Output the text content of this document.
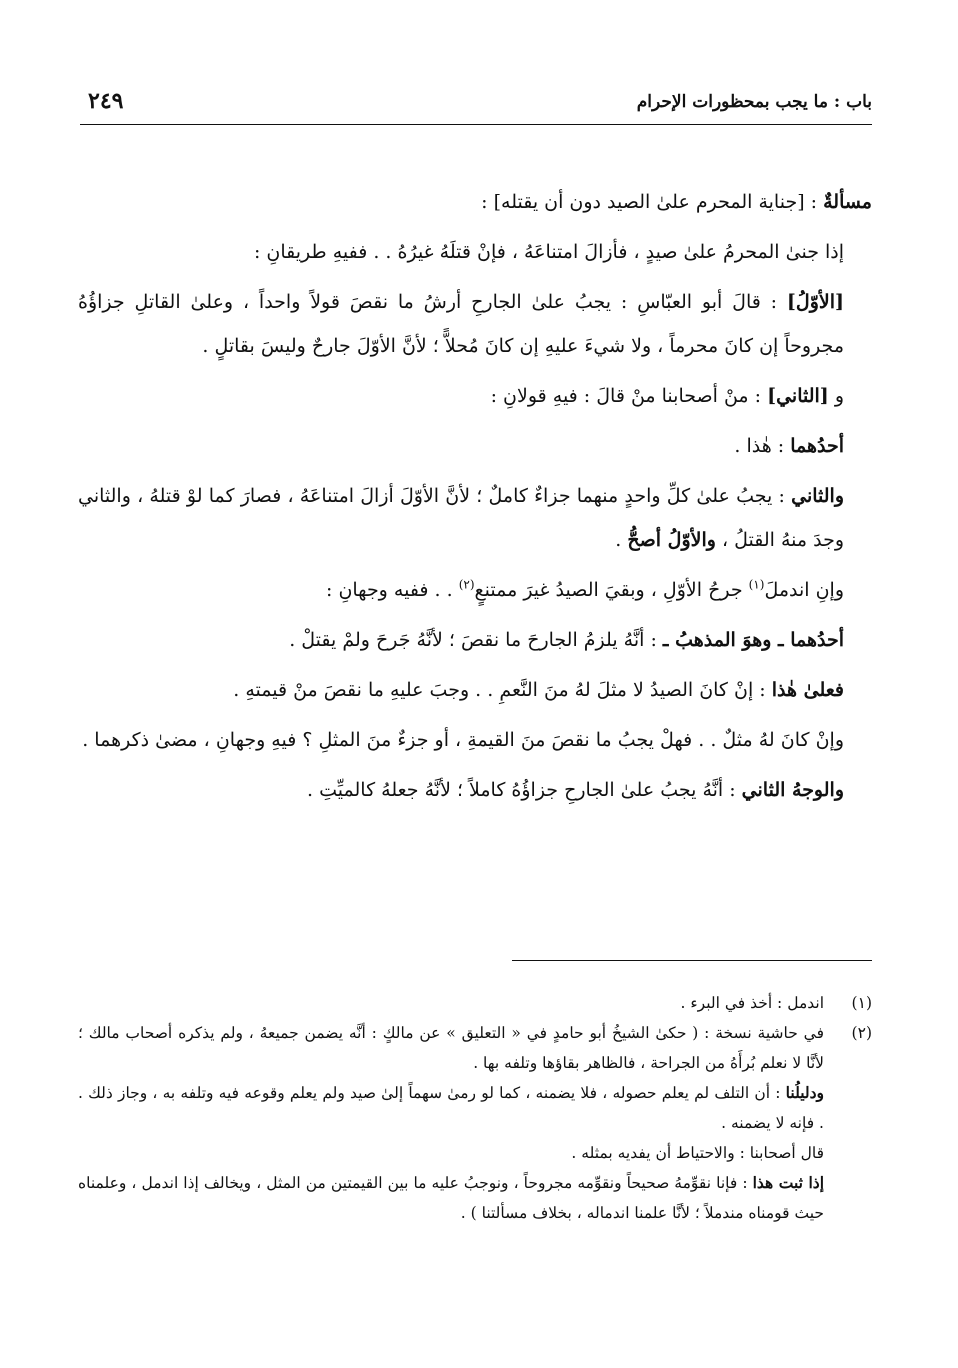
باب : ما يجب بمحظورات الإحرام
٢٤٩

مسألةٌ : [جناية المحرم علىٰ الصيد دون أن يقتله] :

إذا جنىٰ المحرمُ علىٰ صيدٍ ، فأزالَ امتناعَهُ ، فإنْ قتلَهُ غيرُهُ . . ففيهِ طريقانِ :

[الأوّلُ] : قالَ أبو العبّاسِ : يجبُ علىٰ الجارحِ أرشُ ما نقصَ قولاً واحداً ، وعلىٰ القاتلِ جزاؤُهُ مجروحاً إن كانَ محرماً ، ولا شيءَ عليهِ إن كانَ مُحلاًّ ؛ لأنَّ الأوّلَ جارحٌ وليسَ بقاتلٍ .

و [الثاني] : منْ أصحابنا منْ قالَ : فيهِ قولانِ :

أحدُهما : هٰذا .

والثاني : يجبُ علىٰ كلِّ واحدٍ منهما جزاءٌ كاملٌ ؛ لأنَّ الأوّلَ أزالَ امتناعَهُ ، فصارَ كما لوْ قتلهُ ، والثاني وجدَ منهُ القتلُ ، والأوّلُ أصحُّ .

وإنِ اندملَ$^{(١)}$ جرحُ الأوّلِ ، وبقيَ الصيدُ غيرَ ممتنعٍ$^{(٢)}$ . . ففيه وجهانِ :

أحدُهما ـ وهوَ المذهبُ ـ : أنَّهُ يلزمُ الجارحَ ما نقصَ ؛ لأنَّهُ جَرحَ ولمْ يقتلْ .

فعلىٰ هٰذا : إنْ كانَ الصيدُ لا مثلَ لهُ منَ النَّعمِ . . وجبَ عليهِ ما نقصَ منْ قيمتهِ .

وإنْ كانَ لهُ مثلٌ . . فهلْ يجبُ ما نقصَ منَ القيمةِ ، أو جزءٌ منَ المثلِ ؟ فيهِ وجهانِ ، مضىٰ ذكرهما .

والوجهُ الثاني : أنَّهُ يجبُ علىٰ الجارحِ جزاؤُهُ كاملاً ؛ لأنَّهُ جعلهُ كالميِّتِ .

(١)

اندمل : أخذ في البرء .

(٢)

في حاشية نسخة : ( حكىٰ الشيخُ أبو حامدٍ في « التعليق » عن مالكٍ : أنَّه يضمن جميعهُ ، ولم يذكره أصحاب مالك ؛ لأنَّا لا نعلم بُرأَهُ من الجراحة ، فالظاهر بقاؤها وتلفه بها .

ودليلُنا : أن التلف لم يعلم حصوله ، فلا يضمنه ، كما لو رمىٰ سهماً إلىٰ صيد ولم يعلم وقوعه فيه وتلفه به ، وجاز ذلك . . فإنه لا يضمنه .

قال أصحابنا : والاحتياط أن يفديه بمثله .

إذا ثبت هذا : فإنا نقوِّمهُ صحيحاً ونقوِّمه مجروحاً ، ونوجبُ عليه ما بين القيمتين من المثل ، ويخالف إذا اندمل ، وعلمناه حيث قومناه مندملاً ؛ لأنَّا علمنا اندماله ، بخلاف مسألتنا ) .
